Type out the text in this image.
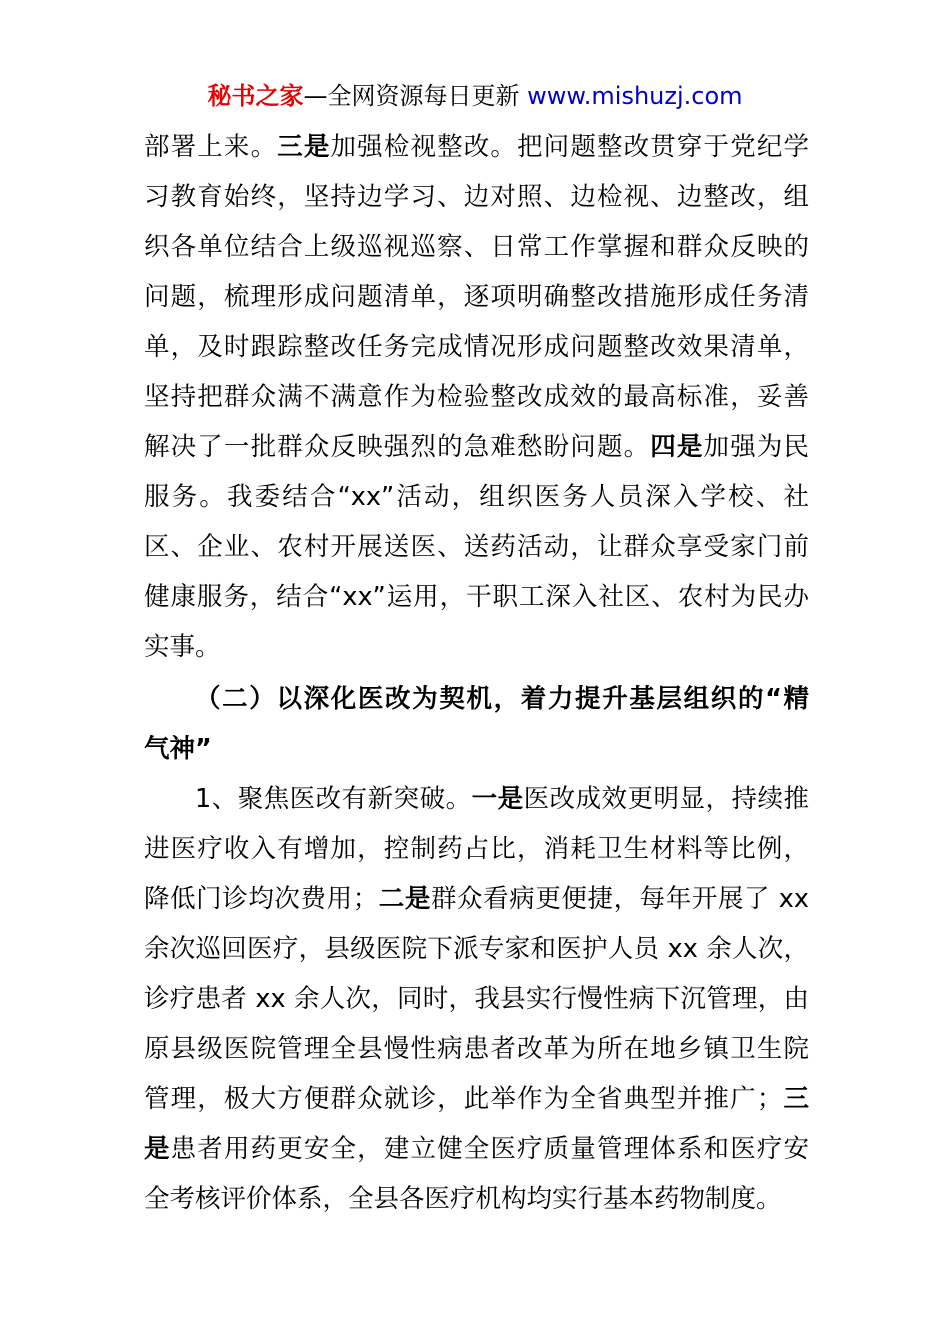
秘书之家—全网资源每日更新 www.mishuzj.com
部署上来。三是加强检视整改。把问题整改贯穿于党纪学
习教育始终，坚持边学习、边对照、边检视、边整改，组
织各单位结合上级巡视巡察、日常工作掌握和群众反映的
问题，梳理形成问题清单，逐项明确整改措施形成任务清
单，及时跟踪整改任务完成情况形成问题整改效果清单，
坚持把群众满不满意作为检验整改成效的最高标准，妥善
解决了一批群众反映强烈的急难愁盼问题。四是加强为民
服务。我委结合“xx”活动，组织医务人员深入学校、社
区、企业、农村开展送医、送药活动，让群众享受家门前
健康服务，结合“xx”运用，干职工深入社区、农村为民办
实事。
（二）以深化医改为契机，着力提升基层组织的“精
气神”
1、聚焦医改有新突破。一是医改成效更明显，持续推
进医疗收入有增加，控制药占比，消耗卫生材料等比例，
降低门诊均次费用；二是群众看病更便捷，每年开展了 xx
余次巡回医疗，县级医院下派专家和医护人员 xx 余人次，
诊疗患者 xx 余人次，同时，我县实行慢性病下沉管理，由
原县级医院管理全县慢性病患者改革为所在地乡镇卫生院
管理，极大方便群众就诊，此举作为全省典型并推广；三
是患者用药更安全，建立健全医疗质量管理体系和医疗安
全考核评价体系，全县各医疗机构均实行基本药物制度。
